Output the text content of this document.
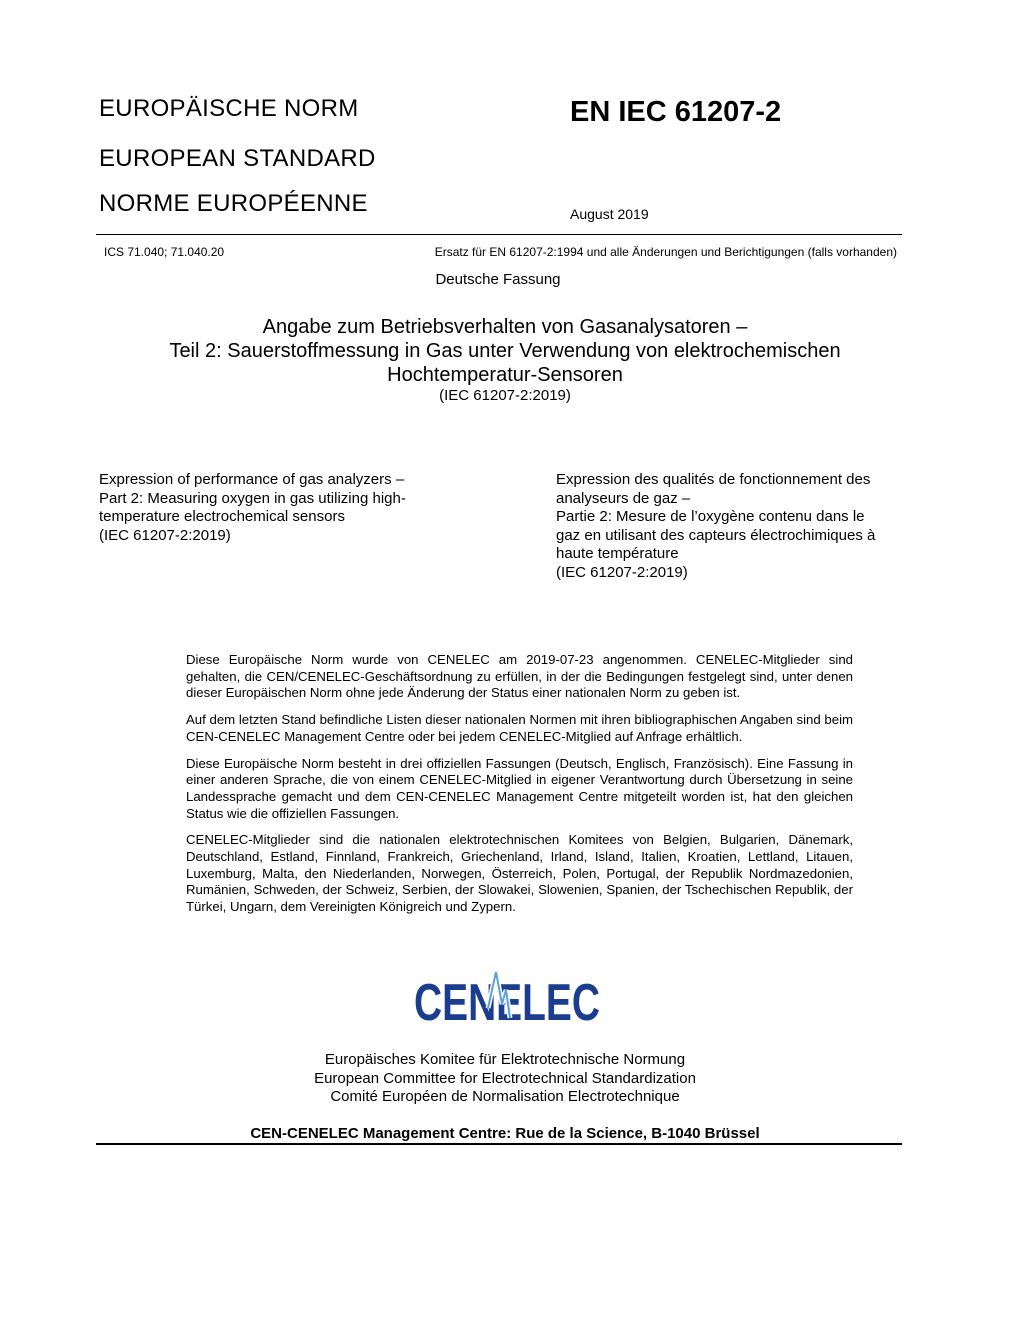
EUROPÄISCHE NORM
EUROPEAN STANDARD
NORME EUROPÉENNE
EN IEC 61207-2
August 2019
ICS 71.040; 71.040.20	Ersatz für EN 61207-2:1994 und alle Änderungen und Berichtigungen (falls vorhanden)
Deutsche Fassung
Angabe zum Betriebsverhalten von Gasanalysatoren –
Teil 2: Sauerstoffmessung in Gas unter Verwendung von elektrochemischen
Hochtemperatur-Sensoren
(IEC 61207-2:2019)
Expression of performance of gas analyzers –
Part 2: Measuring oxygen in gas utilizing high-
temperature electrochemical sensors
(IEC 61207-2:2019)
Expression des qualités de fonctionnement des
analyseurs de gaz –
Partie 2: Mesure de l’oxygène contenu dans le
gaz en utilisant des capteurs électrochimiques à
haute température
(IEC 61207-2:2019)

Diese Europäische Norm wurde von CENELEC am 2019-07-23 angenommen. CENELEC-Mitglieder sind gehalten, die CEN/CENELEC-Geschäftsordnung zu erfüllen, in der die Bedingungen festgelegt sind, unter denen dieser Europäischen Norm ohne jede Änderung der Status einer nationalen Norm zu geben ist.

Auf dem letzten Stand befindliche Listen dieser nationalen Normen mit ihren bibliographischen Angaben sind beim CEN-CENELEC Management Centre oder bei jedem CENELEC-Mitglied auf Anfrage erhältlich.

Diese Europäische Norm besteht in drei offiziellen Fassungen (Deutsch, Englisch, Französisch). Eine Fassung in einer anderen Sprache, die von einem CENELEC-Mitglied in eigener Verantwortung durch Übersetzung in seine Landessprache gemacht und dem CEN-CENELEC Management Centre mitgeteilt worden ist, hat den gleichen Status wie die offiziellen Fassungen.

CENELEC-Mitglieder sind die nationalen elektrotechnischen Komitees von Belgien, Bulgarien, Dänemark, Deutschland, Estland, Finnland, Frankreich, Griechenland, Irland, Island, Italien, Kroatien, Lettland, Litauen, Luxemburg, Malta, den Niederlanden, Norwegen, Österreich, Polen, Portugal, der Republik Nordmazedonien, Rumänien, Schweden, der Schweiz, Serbien, der Slowakei, Slowenien, Spanien, der Tschechischen Republik, der Türkei, Ungarn, dem Vereinigten Königreich und Zypern.

CENELEC
Europäisches Komitee für Elektrotechnische Normung
European Committee for Electrotechnical Standardization
Comité Européen de Normalisation Electrotechnique
CEN-CENELEC Management Centre: Rue de la Science, B-1040 Brüssel
